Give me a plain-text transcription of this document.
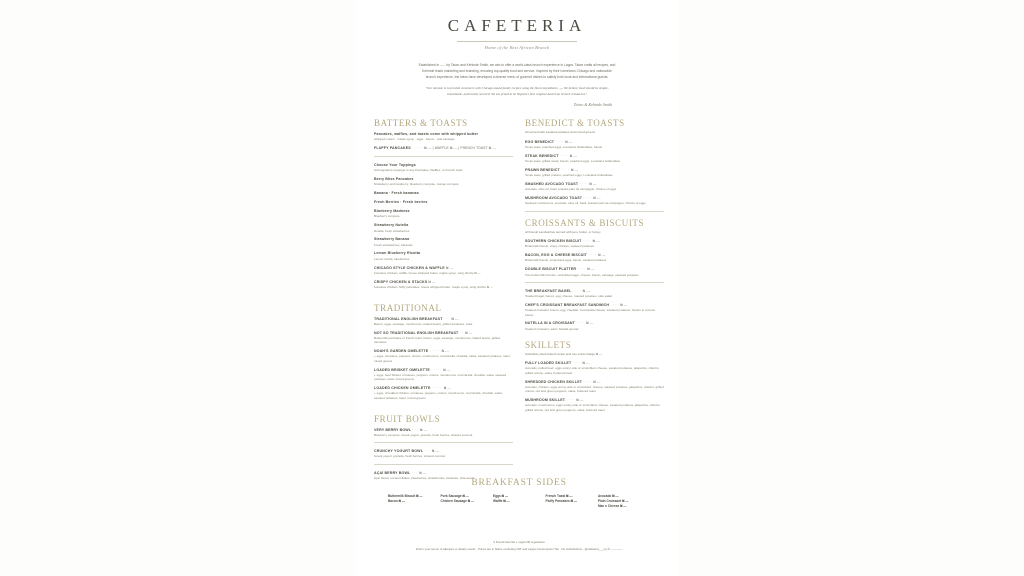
CAFETERIA
Home of the Best African Brunch

Established in ----- by Taiwo and Kehinde Smith, we aim to offer a world-class brunch experience in Lagos. Taiwo crafts all recipes, and Kehinde leads marketing and branding, ensuring top-quality food and service. Inspired by their hometown Chicago and nationwide brunch experience, the twins have developed a diverse menu of gourmet dishes to satisfy both local and international guests.

"Our mission is to provide customers with Chicago-based family recipes using the finest ingredients. ,,,,, We believe food should be simple, sustainable, and locally sourced. We are proud to be Nigeria's first original American brunch restaurant."
Taiwo & Kehinde Smith
BATTERS & TOASTS
Pancakes, waffles, and toasts come with whipped butter
whipped cream · maple syrup · eggs · bacon · and sausage
FLUFFY PANCAKES ····· ₦ --- | WAFFLE ₦ --- | FRENCH TOAST ₦ ---
Choose Your Toppings
Add signature toppings to any Pancakes, Waffles, or French toast.
Berry Bliss Pancakes
Strawberry and raspberry, blueberry compote, mango compote
Banana · Fresh bananas
Fresh Berries · Fresh berries
Blueberry Madness
Blueberry compote
Strawberry Nutella
Nutella, fresh strawberries
Strawberry Banana
Fresh strawberries, bananas
Lemon Blueberry Ricotta
Lemon ricotta, blueberries
CHICAGO STYLE CHICKEN & WAFFLE ₦ ---
boneless chicken, waffle, house whipped butter, maple syrup, wing drizzle ₦ ---
CRISPY CHICKEN & STACKS ₦ ---
boneless chicken, fluffy pancakes, house whipped butter, maple syrup, wing drizzle ₦ ---
TRADITIONAL
TRADITIONAL ENGLISH BREAKFAST ··· ₦ ---
Bacon, eggs, sausage, mushrooms, baked beans, grilled tomatoes, toast
NOT SO TRADITIONAL ENGLISH BREAKFAST ·· ₦ ---
Buttermilk pancakes or french toast, bacon, eggs, sausage, mushrooms, baked beans, grilled tomatoes
NOAH'S GARDEN OMELETTE ····· ₦ ---
+ eggs, tomatoes, peppers, onions, mushrooms, mozzarella, cheddar, salsa, sautéed potatoes, toast, mixed greens
LOADED BRISKET OMELETTE ····· ₦ ---
+ eggs, beef brisket, tomatoes, peppers, onions, mushrooms, mozzarella, cheddar, salsa, sautéed potatoes, toast, mixed greens
LOADED CHICKEN OMELETTE ····· ₦ ---
+ eggs, shredded chicken, tomatoes, peppers, onions, mushrooms, mozzarella, cheddar, salsa, sautéed potatoes, toast, mixed greens
FRUIT BOWLS
VERY BERRY BOWL ··· ₦ ---
Blueberry compote, Greek yogurt, granola, fresh berries, shaved coconut
CRUNCHY YOGURT BOWL ··· ₦ ---
Greek yogurt, granola, fresh berries, shaved coconut
AÇAÍ BERRY BOWL ··· ₦ ---
Açaí blend, coconut flakes, blueberries, strawberries, bananas, chia seeds
BENEDICT & TOASTS
All served with sautéed potatoes and mixed greens
EGG BENEDICT ···· ₦ ---
Texas toast, poached eggs, Louisiana hollandaise, bacon
STEAK BENEDICT ···· ₦ ---
Texas toast, grilled steak, bacon, poached eggs, Louisiana hollandaise
PRAWN BENEDICT ···· ₦ ---
Texas toast, grilled prawns, poached eggs, Louisiana hollandaise
SMASHED AVOCADO TOAST ···· ₦ ---
Avocado, olive oil, basil, toasted pain de campagne. Choice of eggs
MUSHROOM AVOCADO TOAST ···· ₦ ---
Sautéed mushrooms, avocado, olive oil, basil, toasted pain de campagne. Choice of eggs
CROISSANTS & BISCUITS
All biscuit sandwiches served with jam, butter, or honey
SOUTHERN CHICKEN BISCUIT ···· ₦ ---
Buttermilk biscuit, crispy chicken, sautéed potatoes
BACON, EGG & CHEESE BISCUIT ···· ₦ ---
Buttermilk biscuit, scrambled eggs, bacon, sautéed potatoes
DOUBLE BISCUIT PLATTER ···· ₦ ---
Two buttermilk biscuits, scrambled eggs, cheese, bacon, sausage, sautéed potatoes
THE BREAKFAST BAGEL ···· ₦ ---
Toasted bagel, bacon, egg, cheese, roasted potatoes, side salad
CHEF'S CROISSANT BREAKFAST SANDWICH ···· ₦ ---
Toasted croissant, bacon, egg, cheddar, mozzarella cheese, sautéed potatoes. Option to remove bacon.
NUTELLA IN A CROISSANT ···· ₦ ---
Toasted croissant, warm Nutella spread
SKILLETS
Substitute plant-based recipe and see extra charge ₦ ---
FULLY LOADED SKILLET ···· ₦ ---
Avocado, pulled beef, eggs sunny side or scrambled, cheese, sautéed potatoes, jalapeños, cilantro, grilled onions, salsa, buttered toast
SHREDDED CHICKEN SKILLET ···· ₦ ---
Avocado, chicken, eggs sunny side or scrambled, cheese, sautéed potatoes, jalapeños, cilantro, grilled onions, red and green peppers, salsa, buttered toast
MUSHROOM SKILLET ···· ₦ ---
Avocado, mushrooms, eggs sunny side or scrambled, cheese, sautéed potatoes, jalapeños, cilantro, grilled onions, red and green peppers, salsa, buttered toast
BREAKFAST SIDES
Buttermilk Biscuit ₦ ---
Bacon ₦ ---
Pork Sausage ₦ ---
Chicken Sausage ₦ ---
Eggs ₦ ---
Waffle ₦ ---
French Toast ₦ ---
Fluffy Pancakes ₦ ---
Avocado ₦ ---
Plain Croissant ₦ ---
Mac n Cheese ₦ ---
♦ Friend-favorite v vegan ✿ vegetarian
Inform your server of allergies or dietary needs · Prices are in Naira, excluding VAT and Lagos Consumption Tax · No substitutions · @cafeteria___ng ✆ ------------
